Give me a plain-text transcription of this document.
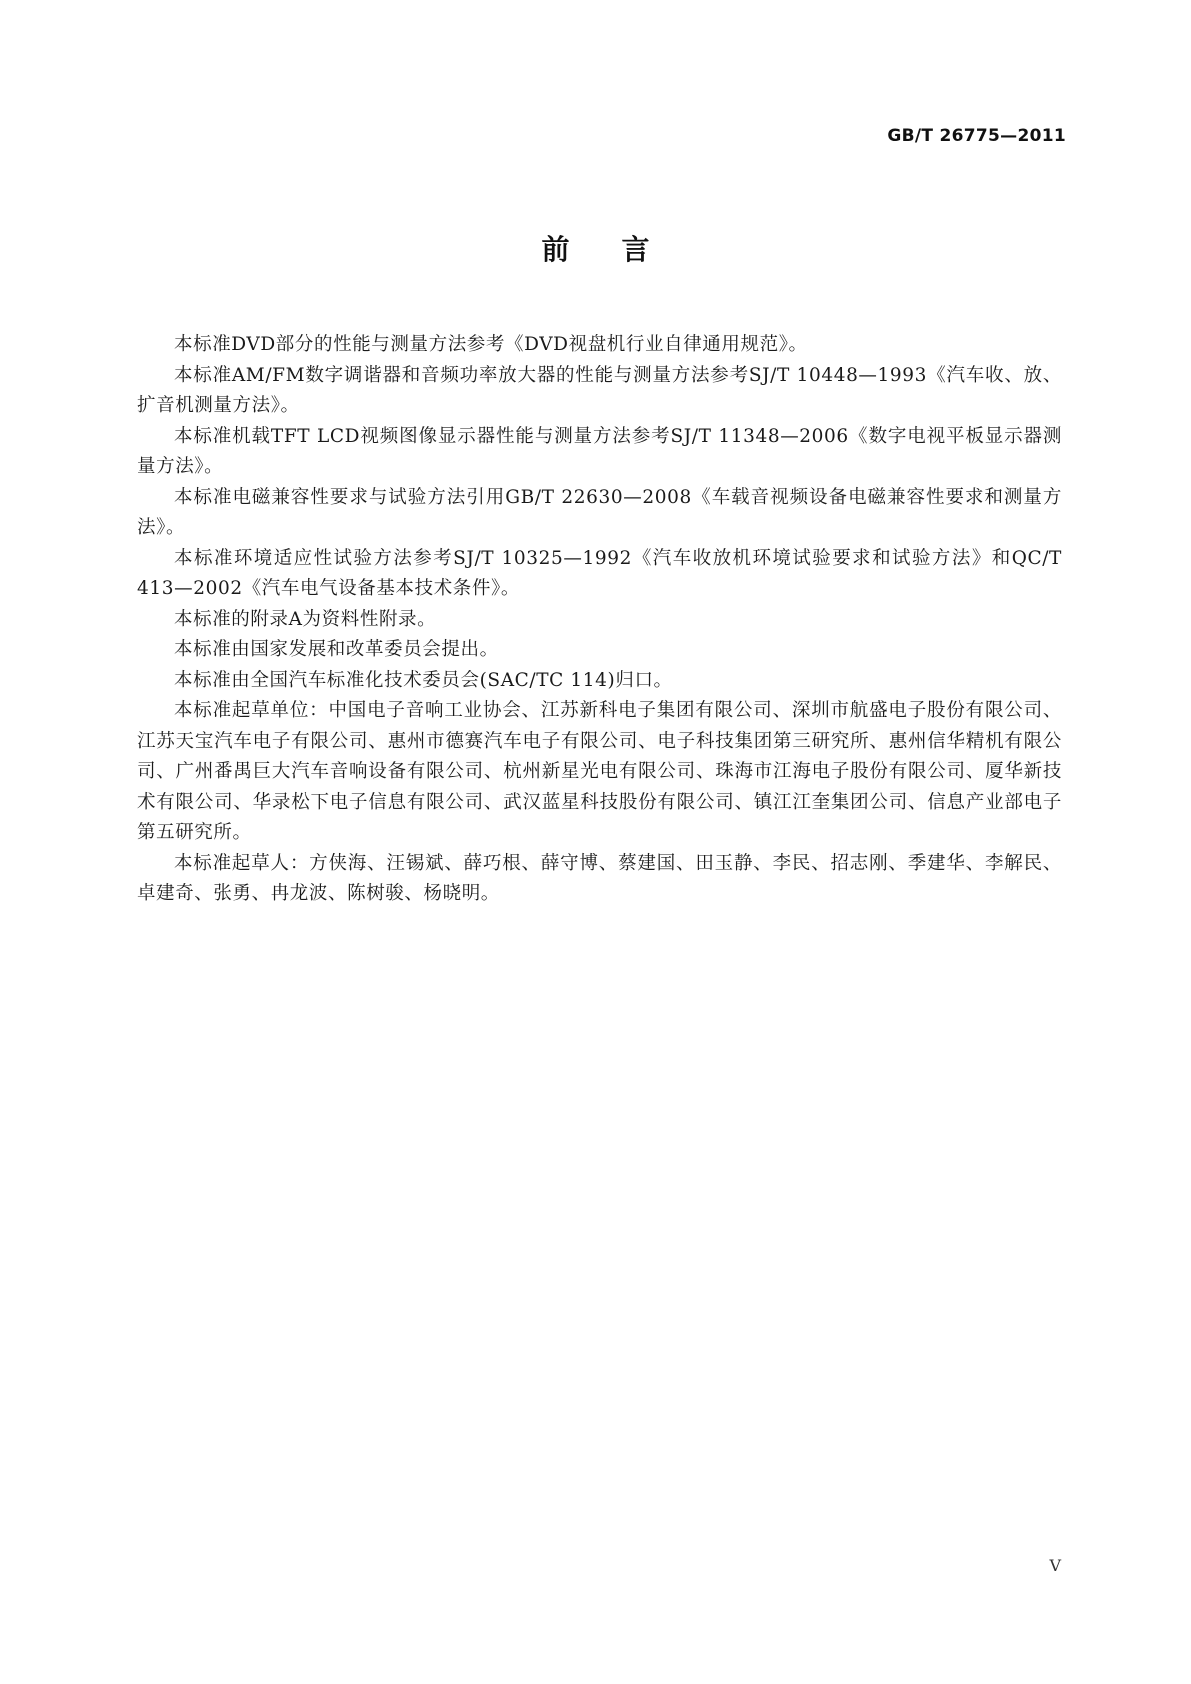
GB/T 26775—2011
前言

本标准DVD部分的性能与测量方法参考《DVD视盘机行业自律通用规范》。

本标准AM/FM数字调谐器和音频功率放大器的性能与测量方法参考SJ/T 10448—1993《汽车收、放、扩音机测量方法》。

本标准机载TFT LCD视频图像显示器性能与测量方法参考SJ/T 11348—2006《数字电视平板显示器测量方法》。

本标准电磁兼容性要求与试验方法引用GB/T 22630—2008《车载音视频设备电磁兼容性要求和测量方法》。

本标准环境适应性试验方法参考SJ/T 10325—1992《汽车收放机环境试验要求和试验方法》和QC/T 413—2002《汽车电气设备基本技术条件》。

本标准的附录A为资料性附录。

本标准由国家发展和改革委员会提出。

本标准由全国汽车标准化技术委员会(SAC/TC 114)归口。

本标准起草单位：中国电子音响工业协会、江苏新科电子集团有限公司、深圳市航盛电子股份有限公司、江苏天宝汽车电子有限公司、惠州市德赛汽车电子有限公司、电子科技集团第三研究所、惠州信华精机有限公司、广州番禺巨大汽车音响设备有限公司、杭州新星光电有限公司、珠海市江海电子股份有限公司、厦华新技术有限公司、华录松下电子信息有限公司、武汉蓝星科技股份有限公司、镇江江奎集团公司、信息产业部电子第五研究所。

本标准起草人：方侠海、汪锡斌、薛巧根、薛守博、蔡建国、田玉静、李民、招志刚、季建华、李解民、卓建奇、张勇、冉龙波、陈树骏、杨晓明。

V
